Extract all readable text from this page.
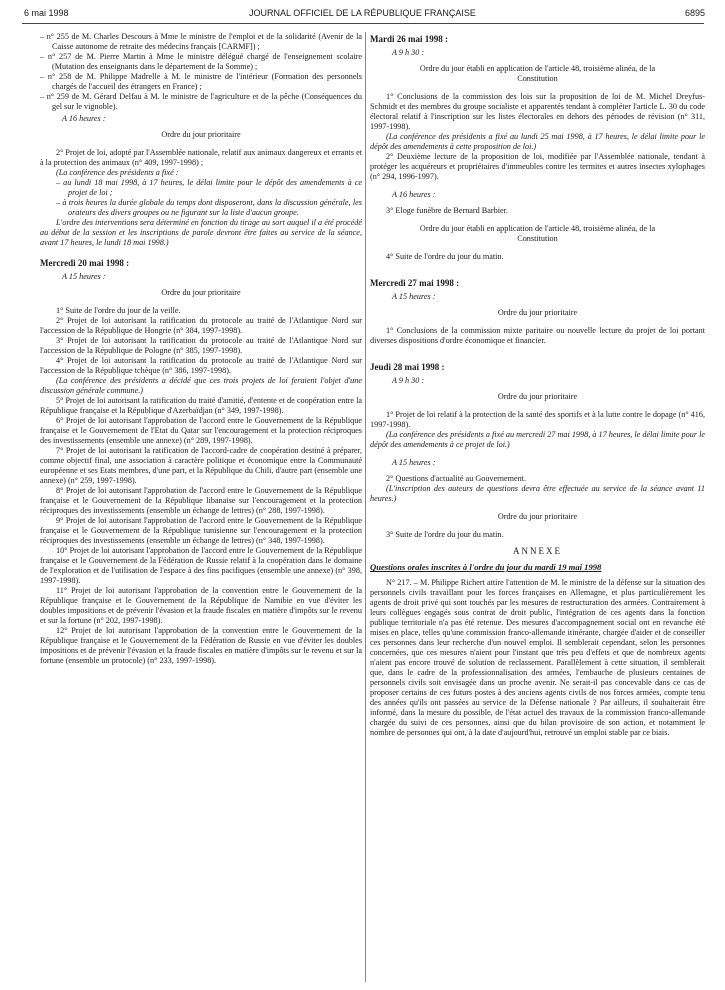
6 mai 1998	JOURNAL OFFICIEL DE LA RÉPUBLIQUE FRANÇAISE	6895

– n° 255 de M. Charles Descours à Mme le ministre de l'emploi et de la solidarité (Avenir de la Caisse autonome de retraite des médecins français [CARMF]) ;

– n° 257 de M. Pierre Martin à Mme le ministre délégué chargé de l'enseignement scolaire (Mutation des enseignants dans le département de la Somme) ;

– n° 258 de M. Philippe Madrelle à M. le ministre de l'intérieur (Formation des personnels chargés de l'accueil des étrangers en France) ;

– n° 259 de M. Gérard Delfau à M. le ministre de l'agriculture et de la pêche (Conséquences du gel sur le vignoble).

A 16 heures :

Ordre du jour prioritaire

2° Projet de loi, adopté par l'Assemblée nationale, relatif aux animaux dangereux et errants et à la protection des animaux (n° 409, 1997-1998) ;

(La conférence des présidents a fixé :

– au lundi 18 mai 1998, à 17 heures, le délai limite pour le dépôt des amendements à ce projet de loi ;

– à trois heures la durée globale du temps dont disposeront, dans la discussion générale, les orateurs des divers groupes ou ne figurant sur la liste d'aucun groupe.

L'ordre des interventions sera déterminé en fonction du tirage au sort auquel il a été procédé au début de la session et les inscriptions de parole devront être faites au service de la séance, avant 17 heures, le lundi 18 mai 1998.)

Mercredi 20 mai 1998 :

A 15 heures :

Ordre du jour prioritaire

1° Suite de l'ordre du jour de la veille.

2° Projet de loi autorisant la ratification du protocole au traité de l'Atlantique Nord sur l'accession de la République de Hongrie (n° 384, 1997-1998).

3° Projet de loi autorisant la ratification du protocole au traité de l'Atlantique Nord sur l'accession de la République de Pologne (n° 385, 1997-1998).

4° Projet de loi autorisant la ratification du protocole au traité de l'Atlantique Nord sur l'accession de la République tchèque (n° 386, 1997-1998).

(La conférence des présidents a décidé que ces trois projets de loi feraient l'objet d'une discussion générale commune.)

5° Projet de loi autorisant la ratification du traité d'amitié, d'entente et de coopération entre la République française et la République d'Azerbaïdjan (n° 349, 1997-1998).

6° Projet de loi autorisant l'approbation de l'accord entre le Gouvernement de la République française et le Gouvernement de l'Etat du Qatar sur l'encouragement et la protection réciproques des investissements (ensemble une annexe) (n° 289, 1997-1998).

7° Projet de loi autorisant la ratification de l'accord-cadre de coopération destiné à préparer, comme objectif final, une association à caractère politique et économique entre la Communauté européenne et ses Etats membres, d'une part, et la République du Chili, d'autre part (ensemble une annexe) (n° 259, 1997-1998).

8° Projet de loi autorisant l'approbation de l'accord entre le Gouvernement de la République française et le Gouvernement de la République libanaise sur l'encouragement et la protection réciproques des investissements (ensemble un échange de lettres) (n° 288, 1997-1998).

9° Projet de loi autorisant l'approbation de l'accord entre le Gouvernement de la République française et le Gouvernement de la République tunisienne sur l'encouragement et la protection réciproques des investissements (ensemble un échange de lettres) (n° 348, 1997-1998).

10° Projet de loi autorisant l'approbation de l'accord entre le Gouvernement de la République française et le Gouvernement de la Fédération de Russie relatif à la coopération dans le domaine de l'exploration et de l'utilisation de l'espace à des fins pacifiques (ensemble une annexe) (n° 398, 1997-1998).

11° Projet de loi autorisant l'approbation de la convention entre le Gouvernement de la République française et le Gouvernement de la République de Namibie en vue d'éviter les doubles impositions et de prévenir l'évasion et la fraude fiscales en matière d'impôts sur le revenu et sur la fortune (n° 202, 1997-1998).

12° Projet de loi autorisant l'approbation de la convention entre le Gouvernement de la République française et le Gouvernement de la Fédération de Russie en vue d'éviter les doubles impositions et de prévenir l'évasion et la fraude fiscales en matière d'impôts sur le revenu et sur la fortune (ensemble un protocole) (n° 233, 1997-1998).

Mardi 26 mai 1998 :

A 9 h 30 :

Ordre du jour établi en application de l'article 48, troisième alinéa, de la Constitution

1° Conclusions de la commission des lois sur la proposition de loi de M. Michel Dreyfus-Schmidt et des membres du groupe socialiste et apparentés tendant à compléter l'article L. 30 du code électoral relatif à l'inscription sur les listes électorales en dehors des périodes de révision (n° 311, 1997-1998).

(La conférence des présidents a fixé au lundi 25 mai 1998, à 17 heures, le délai limite pour le dépôt des amendements à cette proposition de loi.)

2° Deuxième lecture de la proposition de loi, modifiée par l'Assemblée nationale, tendant à protéger les acquéreurs et propriétaires d'immeubles contre les termites et autres insectes xylophages (n° 294, 1996-1997).

A 16 heures :

3° Eloge funèbre de Bernard Barbier.

Ordre du jour établi en application de l'article 48, troisième alinéa, de la Constitution

4° Suite de l'ordre du jour du matin.

Mercredi 27 mai 1998 :

A 15 heures :

Ordre du jour prioritaire

1° Conclusions de la commission mixte paritaire ou nouvelle lecture du projet de loi portant diverses dispositions d'ordre économique et financier.

Jeudi 28 mai 1998 :

A 9 h 30 :

Ordre du jour prioritaire

1° Projet de loi relatif à la protection de la santé des sportifs et à la lutte contre le dopage (n° 416, 1997-1998).

(La conférence des présidents a fixé au mercredi 27 mai 1998, à 17 heures, le délai limite pour le dépôt des amendements à ce projet de loi.)

A 15 heures :

2° Questions d'actualité au Gouvernement.

(L'inscription des auteurs de questions devra être effectuée au service de la séance avant 11 heures.)

Ordre du jour prioritaire

3° Suite de l'ordre du jour du matin.

ANNEXE

Questions orales inscrites à l'ordre du jour du mardi 19 mai 1998

N° 217. – M. Philippe Richert attire l'attention de M. le ministre de la défense sur la situation des personnels civils travaillant pour les forces françaises en Allemagne, et plus particulièrement les agents de droit privé qui sont touchés par les mesures de restructuration des armées. Contrairement à leurs collègues engagés sous contrat de droit public, l'intégration de ces agents dans la fonction publique territoriale n'a pas été retenue. Des mesures d'accompagnement social ont en revanche été mises en place, telles qu'une commission franco-allemande itinérante, chargée d'aider et de conseiller ces personnes dans leur recherche d'un nouvel emploi. Il semblerait cependant, selon les personnes concernées, que ces mesures n'aient pour l'instant que très peu d'effets et que de nombreux agents n'aient pas encore trouvé de solution de reclassement. Parallèlement à cette situation, il semblerait que, dans le cadre de la professionnalisation des armées, l'embauche de plusieurs centaines de personnels civils soit envisagée dans un proche avenir. Ne serait-il pas concevable dans ce cas de proposer certains de ces futurs postes à des anciens agents civils de nos forces armées, compte tenu des années qu'ils ont passées au service de la Défense nationale ? Par ailleurs, il souhaiterait être informé, dans la mesure du possible, de l'état actuel des travaux de la commission franco-allemande chargée du suivi de ces personnes, ainsi que du bilan provisoire de son action, et notamment le nombre de personnes qui ont, à la date d'aujourd'hui, retrouvé un emploi stable par ce biais.
